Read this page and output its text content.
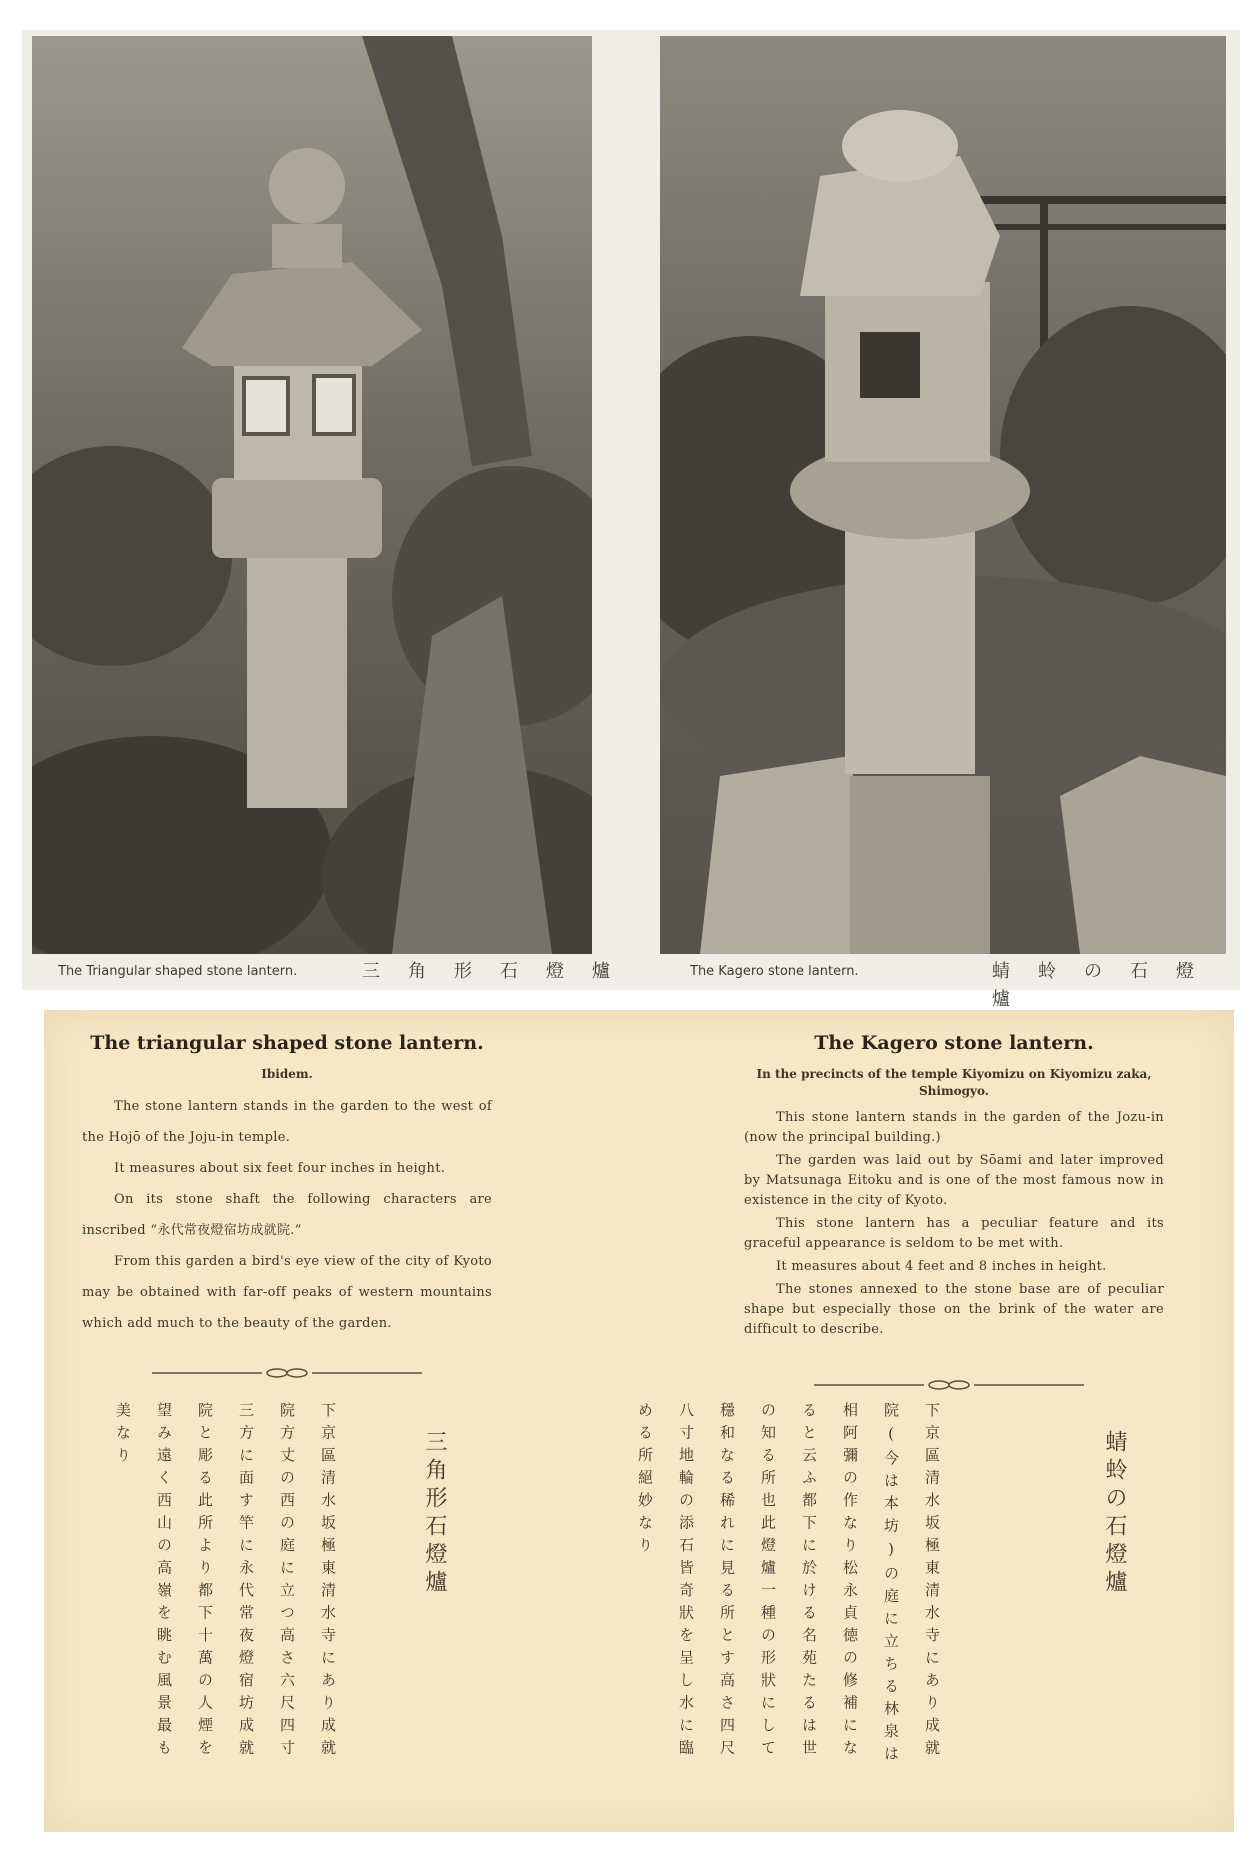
The Triangular shaped stone lantern.	三角形石燈爐	The Kagero stone lantern.	蜻蛉の石燈爐
The triangular shaped stone lantern.
Ibidem.

The stone lantern stands in the garden to the west of the Hojō of the Joju-in temple.

It measures about six feet four inches in height.

On its stone shaft the following characters are inscribed “永代常夜燈宿坊成就院.”

From this garden a bird's eye view of the city of Kyoto may be obtained with far-off peaks of western mountains which add much to the beauty of the garden.

The Kagero stone lantern.
In the precincts of the temple Kiyomizu on Kiyomizu zaka, Shimogyo.

This stone lantern stands in the garden of the Jozu-in (now the principal building.)

The garden was laid out by Sōami and later improved by Matsunaga Eitoku and is one of the most famous now in existence in the city of Kyoto.

This stone lantern has a peculiar feature and its graceful appearance is seldom to be met with.

It measures about 4 feet and 8 inches in height.

The stones annexed to the stone base are of peculiar shape but especially those on the brink of the water are difficult to describe.

下京區清水坂極東清水寺にあり成就院方丈の西の庭に立つ高さ六尺四寸三方に面す竿に永代常夜燈宿坊成就院と彫る此所より都下十萬の人煙を望み遠く西山の高嶺を眺む風景最も美なり	三角形石燈爐	下京區清水坂極東清水寺にあり成就院(今は本坊)の庭に立ちる林泉は相阿彌の作なり松永貞徳の修補になると云ふ都下に於ける名苑たるは世の知る所也此燈爐一種の形狀にして穩和なる稀れに見る所とす高さ四尺八寸地輪の添石皆奇狀を呈し水に臨める所絕妙なり	蜻蛉の石燈爐
